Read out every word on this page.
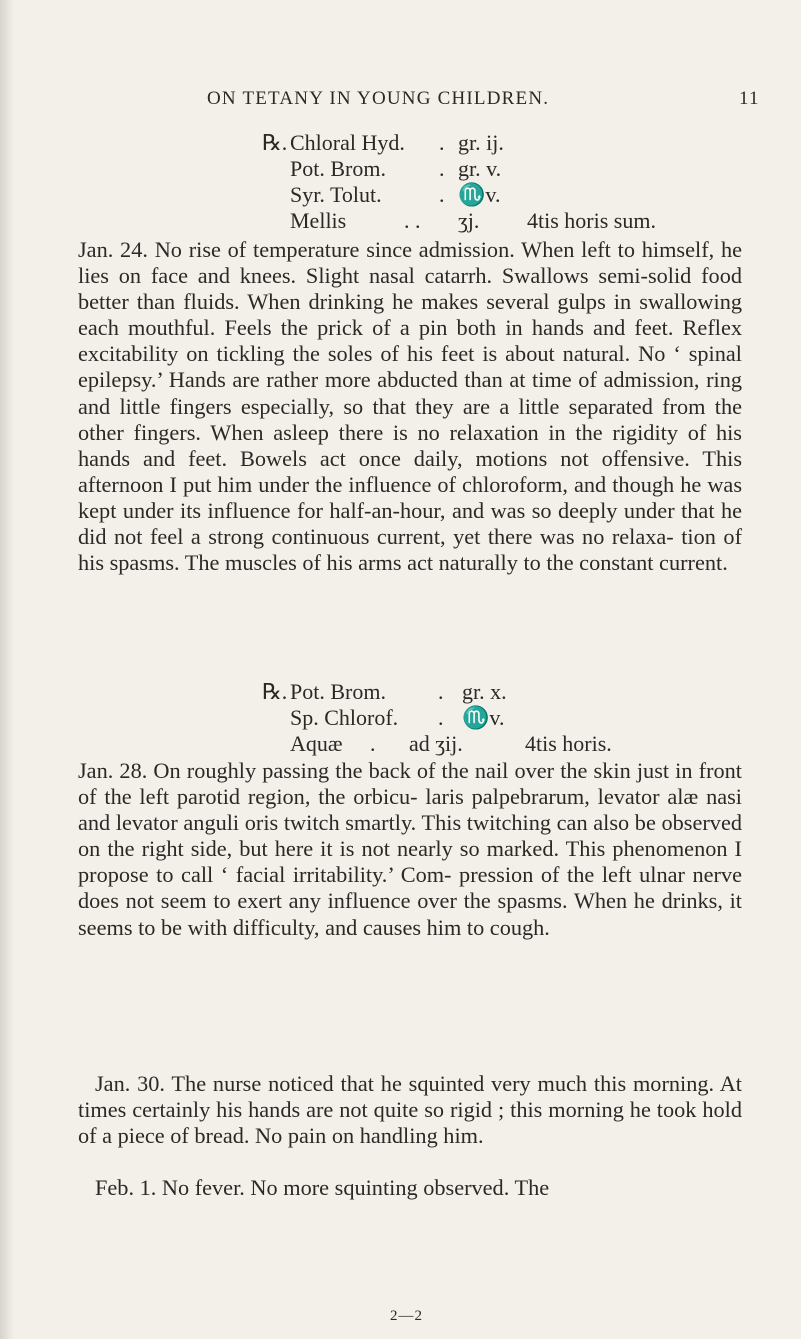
ON TETANY IN YOUNG CHILDREN.	11
℞. Chloral Hyd. . gr. ij.
Pot. Brom. . gr. v.
Syr. Tolut.	. ♏v.
Mellis	. . ʒj. 4tis horis sum.

Jan. 24. No rise of temperature since admission. When left to himself, he lies on face and knees. Slight nasal catarrh. Swallows semi-solid food better than fluids. When drinking he makes several gulps in swallowing each mouthful. Feels the prick of a pin both in hands and feet. Reflex excitability on tickling the soles of his feet is about natural. No ‘ spinal epilepsy.’ Hands are rather more abducted than at time of admission, ring and little fingers especially, so that they are a little separated from the other fingers. When asleep there is no relaxation in the rigidity of his hands and feet. Bowels act once daily, motions not offensive. This afternoon I put him under the influence of chloroform, and though he was kept under its influence for half-an-hour, and was so deeply under that he did not feel a strong continuous current, yet there was no relaxa- tion of his spasms. The muscles of his arms act naturally to the constant current.

℞. Pot. Brom. . gr. x.
Sp. Chlorof. . ♏v.
Aquæ . ad ʒij.	4tis horis.

Jan. 28. On roughly passing the back of the nail over the skin just in front of the left parotid region, the orbicu- laris palpebrarum, levator alæ nasi and levator anguli oris twitch smartly. This twitching can also be observed on the right side, but here it is not nearly so marked. This phenomenon I propose to call ‘ facial irritability.’ Com- pression of the left ulnar nerve does not seem to exert any influence over the spasms. When he drinks, it seems to be with difficulty, and causes him to cough.

Jan. 30. The nurse noticed that he squinted very much this morning. At times certainly his hands are not quite so rigid ; this morning he took hold of a piece of bread. No pain on handling him.

Feb. 1. No fever. No more squinting observed. The

2—2
